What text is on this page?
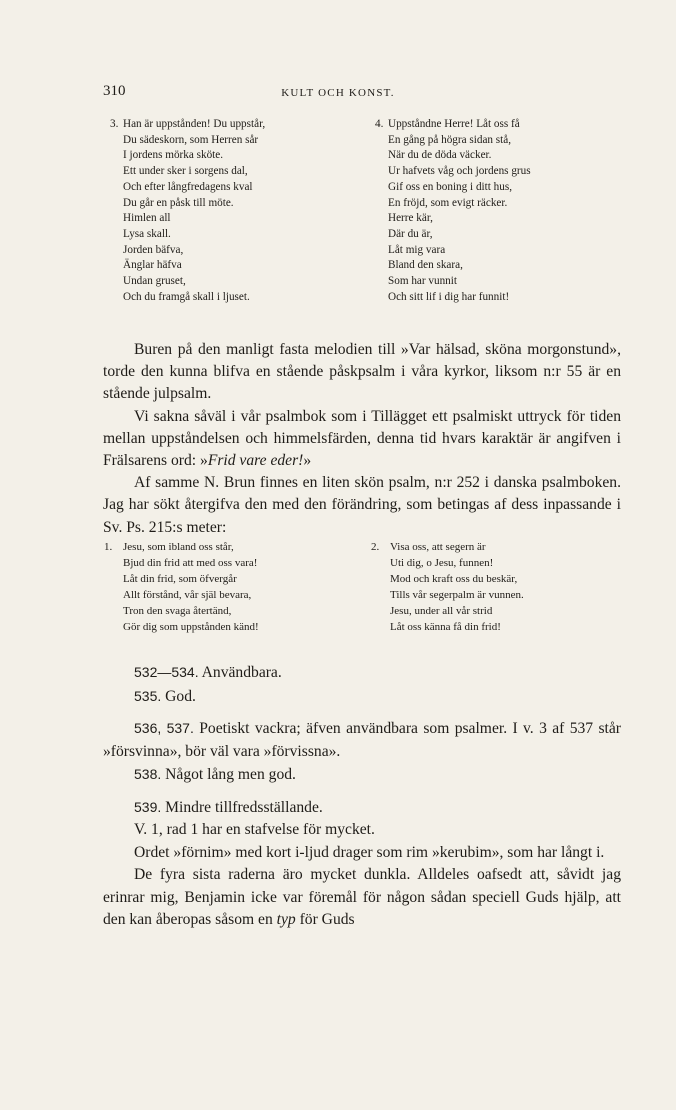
310	KULT OCH KONST.
3. Han är uppstånden! Du uppstår,
Du sädeskorn, som Herren sår
I jordens mörka sköte.
Ett under sker i sorgens dal,
Och efter långfredagens kval
Du går en påsk till möte.
Himlen all
Lysa skall.
Jorden bäfva,
Änglar häfva
Undan gruset,
Och du framgå skall i ljuset.
4. Uppståndne Herre! Låt oss få
En gång på högra sidan stå,
När du de döda väcker.
Ur hafvets våg och jordens grus
Gif oss en boning i ditt hus,
En fröjd, som evigt räcker.
Herre kär,
Där du är,
Låt mig vara
Bland den skara,
Som har vunnit
Och sitt lif i dig har funnit!

Buren på den manligt fasta melodien till »Var hälsad, sköna morgonstund», torde den kunna blifva en stående påskpsalm i våra kyrkor, liksom n:r 55 är en stående julpsalm.

Vi sakna såväl i vår psalmbok som i Tillägget ett psalmiskt uttryck för tiden mellan uppståndelsen och himmelsfärden, denna tid hvars karaktär är angifven i Frälsarens ord: »Frid vare eder!»

Af samme N. Brun finnes en liten skön psalm, n:r 252 i danska psalmboken. Jag har sökt återgifva den med den förändring, som betingas af dess inpassande i Sv. Ps. 215:s meter:

1. Jesu, som ibland oss står,
Bjud din frid att med oss vara!
Låt din frid, som öfvergår
Allt förstånd, vår själ bevara,
Tron den svaga återtänd,
Gör dig som uppstånden känd!
2. Visa oss, att segern är
Uti dig, o Jesu, funnen!
Mod och kraft oss du beskär,
Tills vår segerpalm är vunnen.
Jesu, under all vår strid
Låt oss känna få din frid!

532—534. Användbara.

535. God.

536, 537. Poetiskt vackra; äfven användbara som psalmer. I v. 3 af 537 står »försvinna», bör väl vara »förvissna».

538. Något lång men god.

539. Mindre tillfredsställande.

V. 1, rad 1 har en stafvelse för mycket.

Ordet »förnim» med kort i-ljud drager som rim »kerubim», som har långt i.

De fyra sista raderna äro mycket dunkla. Alldeles oafsedt att, såvidt jag erinrar mig, Benjamin icke var föremål för någon sådan speciell Guds hjälp, att den kan åberopas såsom en typ för Guds
